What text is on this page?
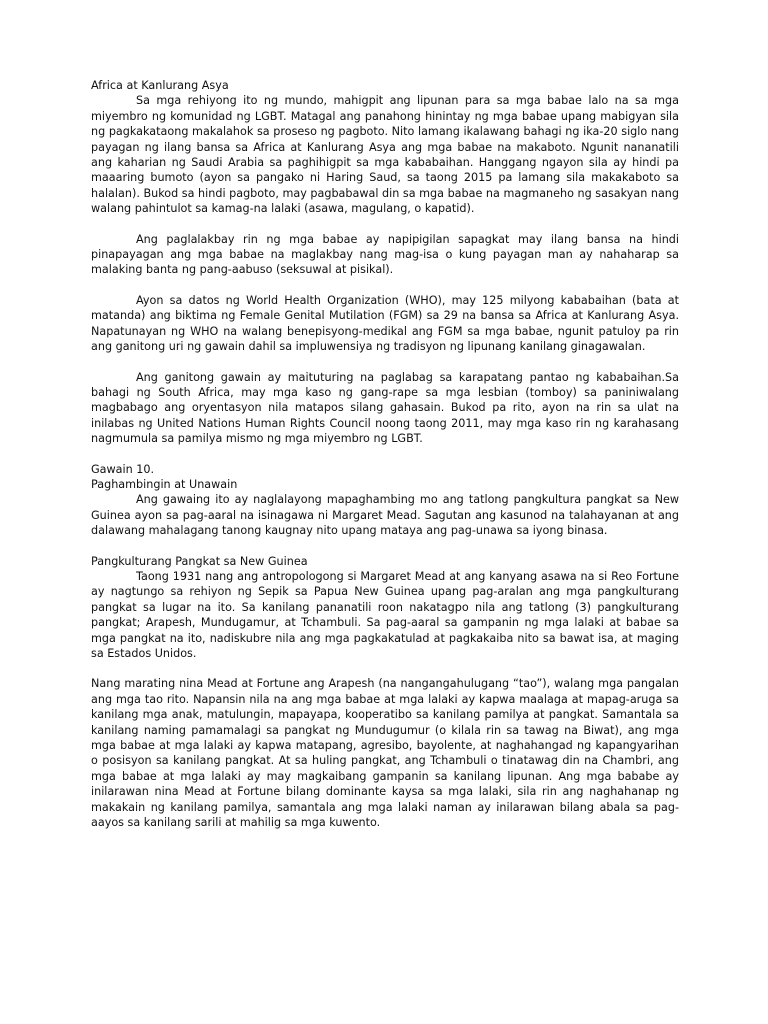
Africa at Kanlurang Asya

Sa mga rehiyong ito ng mundo, mahigpit ang lipunan para sa mga babae lalo na sa mga miyembro ng komunidad ng LGBT. Matagal ang panahong hinintay ng mga babae upang mabigyan sila ng pagkakataong makalahok sa proseso ng pagboto. Nito lamang ikalawang bahagi ng ika-20 siglo nang payagan ng ilang bansa sa Africa at Kanlurang Asya ang mga babae na makaboto. Ngunit nananatili ang kaharian ng Saudi Arabia sa paghihigpit sa mga kababaihan. Hanggang ngayon sila ay hindi pa maaaring bumoto (ayon sa pangako ni Haring Saud, sa taong 2015 pa lamang sila makakaboto sa halalan). Bukod sa hindi pagboto, may pagbabawal din sa mga babae na magmaneho ng sasakyan nang walang pahintulot sa kamag-na lalaki (asawa, magulang, o kapatid).

Ang paglalakbay rin ng mga babae ay napipigilan sapagkat may ilang bansa na hindi pinapayagan ang mga babae na maglakbay nang mag-isa o kung payagan man ay nahaharap sa malaking banta ng pang-aabuso (seksuwal at pisikal).

Ayon sa datos ng World Health Organization (WHO), may 125 milyong kababaihan (bata at matanda) ang biktima ng Female Genital Mutilation (FGM) sa 29 na bansa sa Africa at Kanlurang Asya. Napatunayan ng WHO na walang benepisyong-medikal ang FGM sa mga babae, ngunit patuloy pa rin ang ganitong uri ng gawain dahil sa impluwensiya ng tradisyon ng lipunang kanilang ginagawalan.

Ang ganitong gawain ay maituturing na paglabag sa karapatang pantao ng kababaihan.Sa bahagi ng South Africa, may mga kaso ng gang-rape sa mga lesbian (tomboy) sa paniniwalang magbabago ang oryentasyon nila matapos silang gahasain. Bukod pa rito, ayon na rin sa ulat na inilabas ng United Nations Human Rights Council noong taong 2011, may mga kaso rin ng karahasang nagmumula sa pamilya mismo ng mga miyembro ng LGBT.

Gawain 10.
Paghambingin at Unawain

Ang gawaing ito ay naglalayong mapaghambing mo ang tatlong pangkultura pangkat sa New Guinea ayon sa pag-aaral na isinagawa ni Margaret Mead. Sagutan ang kasunod na talahayanan at ang dalawang mahalagang tanong kaugnay nito upang mataya ang pag-unawa sa iyong binasa.

Pangkulturang Pangkat sa New Guinea

Taong 1931 nang ang antropologong si Margaret Mead at ang kanyang asawa na si Reo Fortune ay nagtungo sa rehiyon ng Sepik sa Papua New Guinea upang pag-aralan ang mga pangkulturang pangkat sa lugar na ito. Sa kanilang pananatili roon nakatagpo nila ang tatlong (3) pangkulturang pangkat; Arapesh, Mundugamur, at Tchambuli. Sa pag-aaral sa gampanin ng mga lalaki at babae sa mga pangkat na ito, nadiskubre nila ang mga pagkakatulad at pagkakaiba nito sa bawat isa, at maging sa Estados Unidos.

Nang marating nina Mead at Fortune ang Arapesh (na nangangahulugang “tao”), walang mga pangalan ang mga tao rito. Napansin nila na ang mga babae at mga lalaki ay kapwa maalaga at mapag-aruga sa kanilang mga anak, matulungin, mapayapa, kooperatibo sa kanilang pamilya at pangkat. Samantala sa kanilang naming pamamalagi sa pangkat ng Mundugumur (o kilala rin sa tawag na Biwat), ang mga mga babae at mga lalaki ay kapwa matapang, agresibo, bayolente, at naghahangad ng kapangyarihan o posisyon sa kanilang pangkat. At sa huling pangkat, ang Tchambuli o tinatawag din na Chambri, ang mga babae at mga lalaki ay may magkaibang gampanin sa kanilang lipunan. Ang mga bababe ay inilarawan nina Mead at Fortune bilang dominante kaysa sa mga lalaki, sila rin ang naghahanap ng makakain ng kanilang pamilya, samantala ang mga lalaki naman ay inilarawan bilang abala sa pag-aayos sa kanilang sarili at mahilig sa mga kuwento.
